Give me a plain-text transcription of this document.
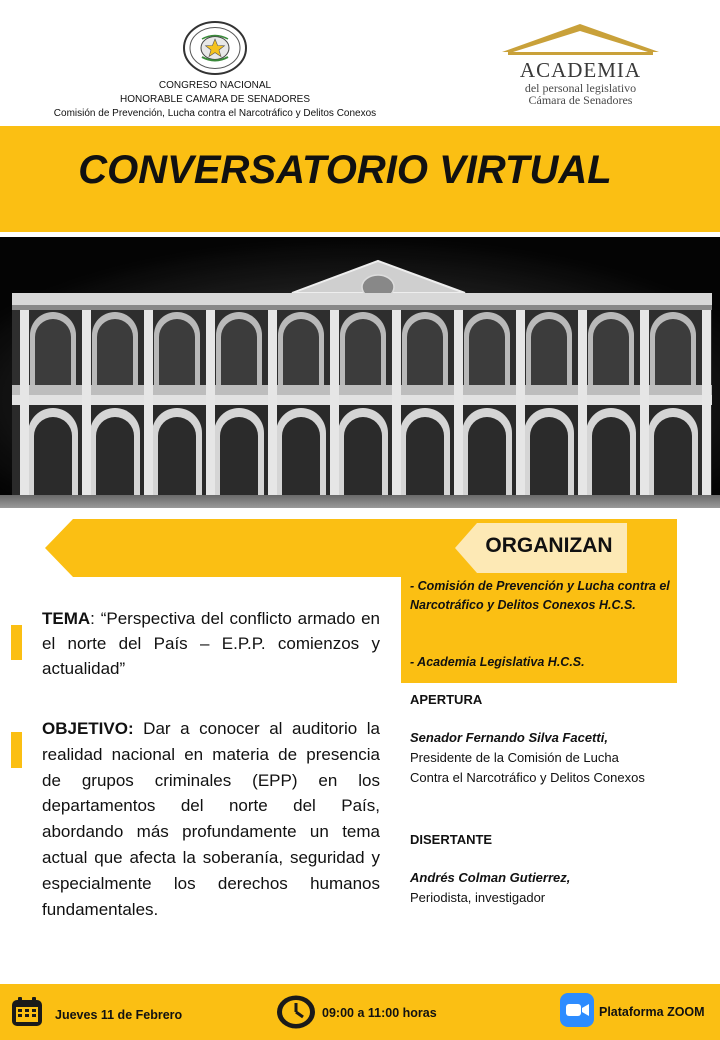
CONGRESO NACIONAL
HONORABLE CAMARA DE SENADORES
Comisión de Prevención, Lucha contra el Narcotráfico y Delitos Conexos
ACADEMIA
del personal legislativo
Cámara de Senadores
CONVERSATORIO VIRTUAL
ORGANIZAN
- Comisión de Prevención y Lucha contra el Narcotráfico y Delitos Conexos H.C.S.
- Academia Legislativa H.C.S.
TEMA: “Perspectiva del conflicto armado en el norte del País – E.P.P. comienzos y actualidad”
OBJETIVO: Dar a conocer al auditorio la realidad nacional en materia de presencia de grupos criminales (EPP) en los departamentos del norte del País, abordando más profundamente un tema actual que afecta la soberanía, seguridad y especialmente los derechos humanos fundamentales.
APERTURA
Senador Fernando Silva Facetti,
Presidente de la Comisión de Lucha Contra el Narcotráfico y Delitos Conexos
DISERTANTE
Andrés Colman Gutierrez,
Periodista, investigador
Jueves 11 de Febrero	09:00 a 11:00 horas	Plataforma ZOOM
